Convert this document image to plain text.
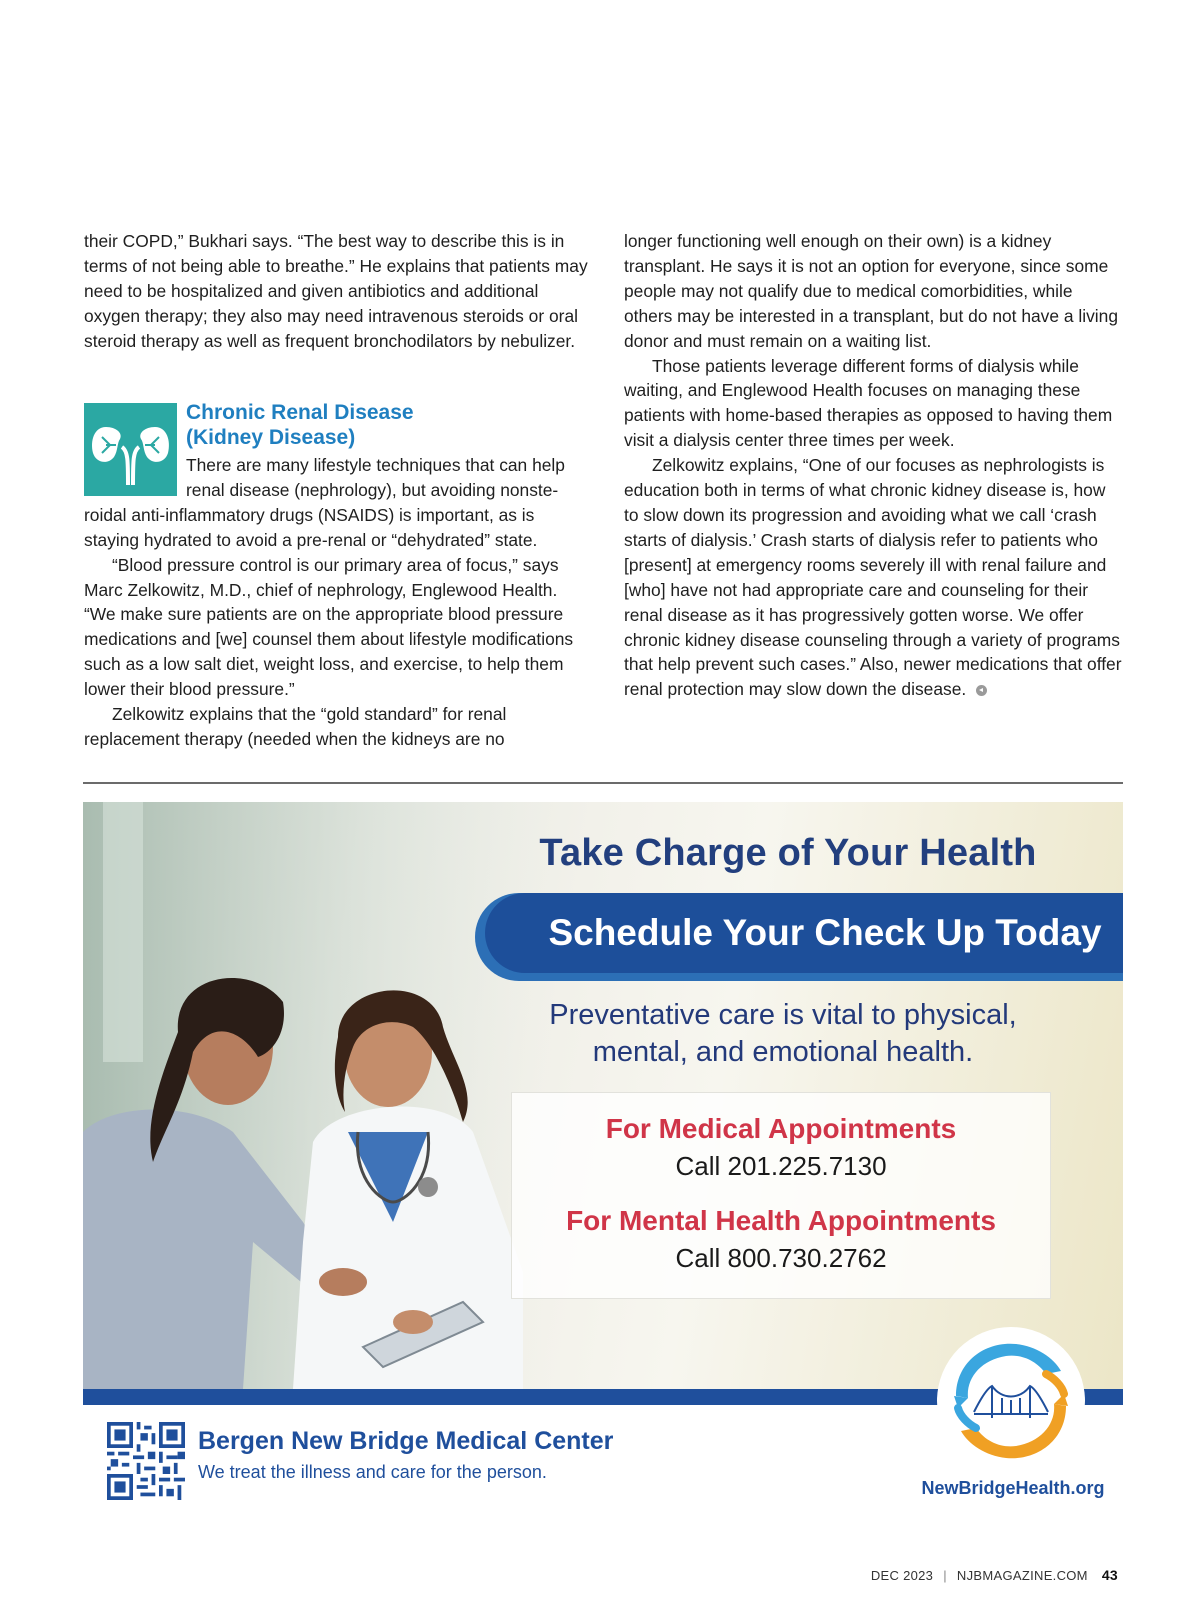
their COPD,” Bukhari says. “The best way to describe this is in terms of not being able to breathe.” He explains that patients may need to be hospitalized and given antibiotics and additional oxygen therapy; they also may need intravenous steroids or oral steroid therapy as well as frequent bronchodilators by nebulizer.

Chronic Renal Disease
(Kidney Disease)

There are many lifestyle techniques that can help

renal disease (nephrology), but avoiding nonste-

roidal anti-inflammatory drugs (NSAIDS) is important, as is staying hydrated to avoid a pre-renal or “dehydrated” state.

“Blood pressure control is our primary area of focus,” says Marc Zelkowitz, M.D., chief of nephrology, Englewood Health. “We make sure patients are on the appropriate blood pressure medications and [we] counsel them about lifestyle modifications such as a low salt diet, weight loss, and exercise, to help them lower their blood pressure.”

Zelkowitz explains that the “gold standard” for renal replacement therapy (needed when the kidneys are no

longer functioning well enough on their own) is a kidney transplant. He says it is not an option for everyone, since some people may not qualify due to medical comorbidities, while others may be interested in a transplant, but do not have a living donor and must remain on a waiting list.

Those patients leverage different forms of dialysis while waiting, and Englewood Health focuses on managing these patients with home-based therapies as opposed to having them visit a dialysis center three times per week.

Zelkowitz explains, “One of our focuses as nephrologists is education both in terms of what chronic kidney disease is, how to slow down its progression and avoiding what we call ‘crash starts of dialysis.’ Crash starts of dialysis refer to patients who [present] at emergency rooms severely ill with renal failure and [who] have not had appropriate care and counseling for their renal disease as it has progressively gotten worse. We offer chronic kidney disease counseling through a variety of programs that help prevent such cases.” Also, newer medications that offer renal protection may slow down the disease.

Take Charge of Your Health
Schedule Your Check Up Today
Preventative care is vital to physical,
mental, and emotional health.
For Medical Appointments
Call 201.225.7130
For Mental Health Appointments
Call 800.730.2762
Bergen New Bridge Medical Center
We treat the illness and care for the person.
NewBridgeHealth.org
DEC 2023 | NJBMAGAZINE.COM 43
